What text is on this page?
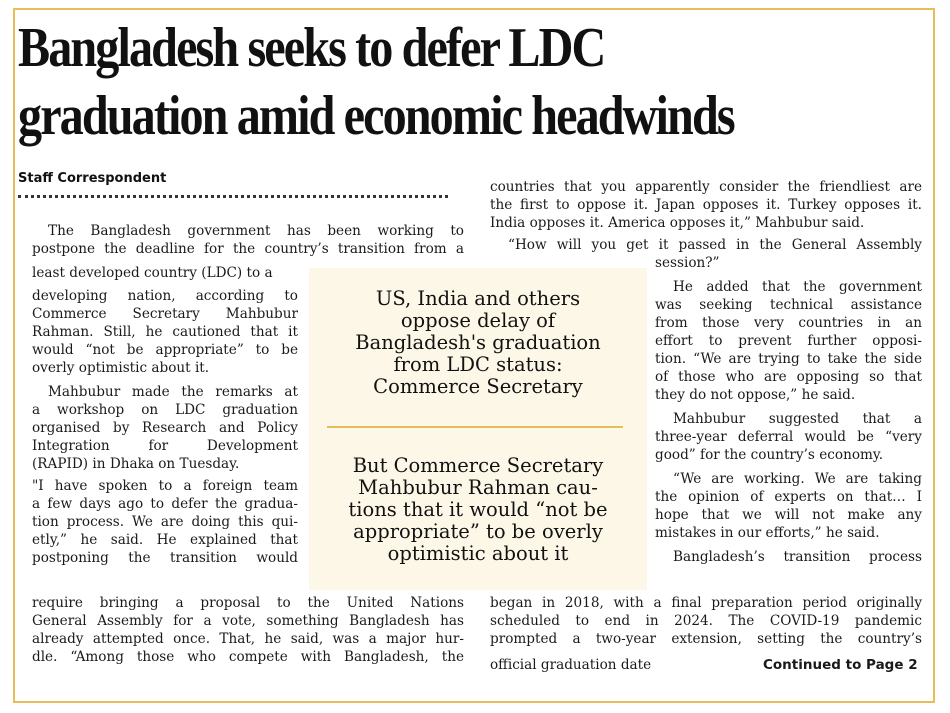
Bangladesh seeks to defer LDC
graduation amid economic headwinds
Staff Correspondent

The Bangladesh government has been working to

postpone the deadline for the country’s transition from a

least developed country (LDC) to a

developing nation, according to

Commerce Secretary Mahbubur

Rahman. Still, he cautioned that it

would “not be appropriate” to be

overly optimistic about it.

Mahbubur made the remarks at

a workshop on LDC graduation

organised by Research and Policy

Integration for Development

(RAPID) in Dhaka on Tuesday.

"I have spoken to a foreign team

a few days ago to defer the gradua-

tion process. We are doing this qui-

etly,” he said. He explained that

postponing the transition would

require bringing a proposal to the United Nations

General Assembly for a vote, something Bangladesh has

already attempted once. That, he said, was a major hur-

dle. “Among those who compete with Bangladesh, the

countries that you apparently consider the friendliest are

the first to oppose it. Japan opposes it. Turkey opposes it.

India opposes it. America opposes it,” Mahbubur said.

“How will you get it passed in the General Assembly

session?”

He added that the government

was seeking technical assistance

from those very countries in an

effort to prevent further opposi-

tion. “We are trying to take the side

of those who are opposing so that

they do not oppose,” he said.

Mahbubur suggested that a

three-year deferral would be “very

good” for the country’s economy.

“We are working. We are taking

the opinion of experts on that… I

hope that we will not make any

mistakes in our efforts,” he said.

Bangladesh’s transition process

began in 2018, with a final preparation period originally

scheduled to end in 2024. The COVID-19 pandemic

prompted a two-year extension, setting the country’s

official graduation date	Continued to Page 2

US, India and others
oppose delay of
Bangladesh's graduation
from LDC status:
Commerce Secretary
But Commerce Secretary
Mahbubur Rahman cau-
tions that it would “not be
appropriate” to be overly
optimistic about it
